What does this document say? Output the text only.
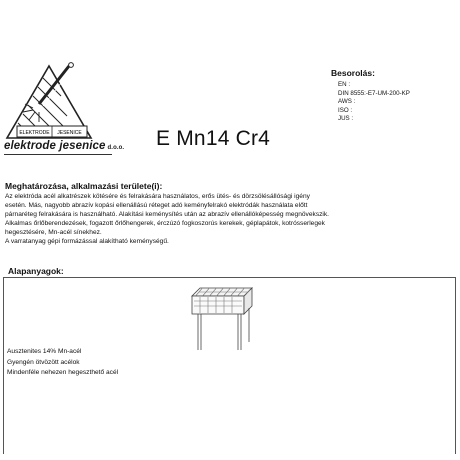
ELEKTRODE JESENICE
elektrode jesenice d.o.o. E Mn14 Cr4
Besorolás:
EN :
DIN 8555:-E7-UM-200-KP
AWS :
ISO :
JUS :
Meghatározása, alkalmazási területe(i):
Az elektróda acél alkatrészek kötésére és felrakására használatos, erős ütés- és dörzsölésállósági igény
esetén. Más, nagyobb abrazív kopási ellenállású réteget adó keményfelrakó elektródák használata előtt
párnaréteg felrakására is használható. Alakítási keménysítés után az abrazív ellenállóképesség megnövekszik.
Alkalmas őrlőberendezések, fogazott őrlőhengerek, érczúzó fogkoszorús kerekek, géplapátok, kotrósserlegek
hegesztésére, Mn-acél sínekhez.
A varratanyag gépi formázással alakítható keménységű.
Alapanyagok:
Ausztenites 14% Mn-acél
Gyengén ötvözött acélok
Mindenféle nehezen hegeszthető acél
